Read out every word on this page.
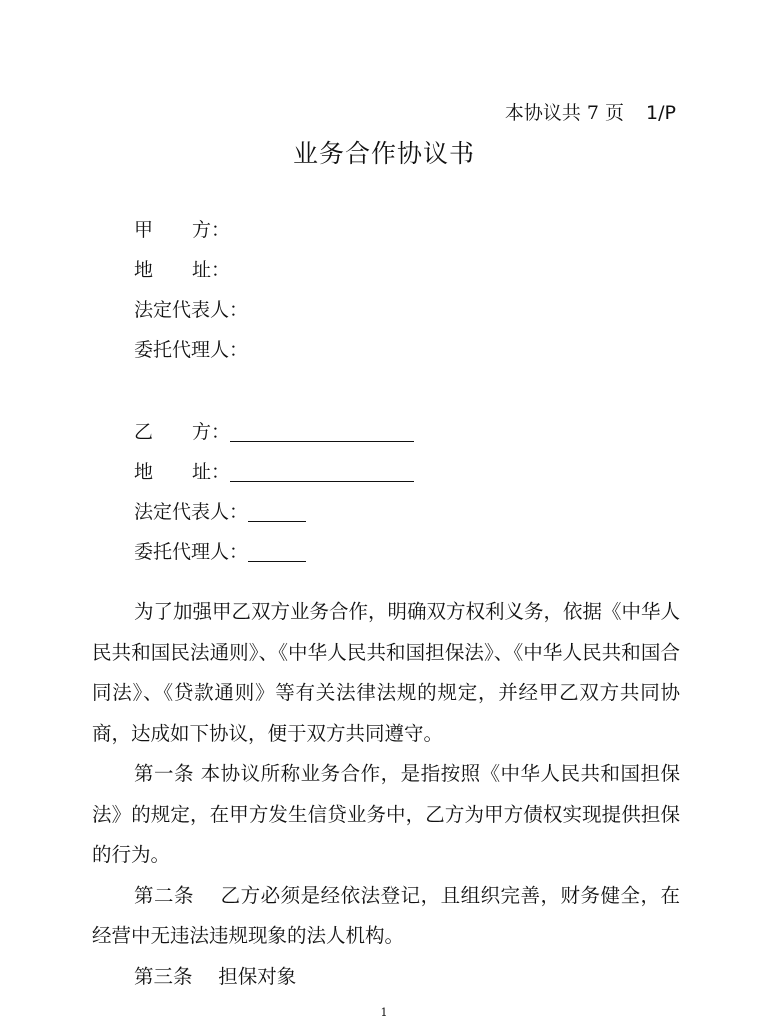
本协议共 7 页 1/P
业务合作协议书
甲 方：
地 址：
法定代表人：
委托代理人：
乙 方：
地 址：
法定代表人：
委托代理人：

为了加强甲乙双方业务合作，明确双方权利义务，依据《中华人民共和国民法通则》、《中华人民共和国担保法》、《中华人民共和国合同法》、《贷款通则》等有关法律法规的规定，并经甲乙双方共同协商，达成如下协议，便于双方共同遵守。

第一条 本协议所称业务合作，是指按照《中华人民共和国担保法》的规定，在甲方发生信贷业务中，乙方为甲方债权实现提供担保的行为。

第二条　 乙方必须是经依法登记，且组织完善，财务健全，在经营中无违法违规现象的法人机构。

第三条　 担保对象

1
